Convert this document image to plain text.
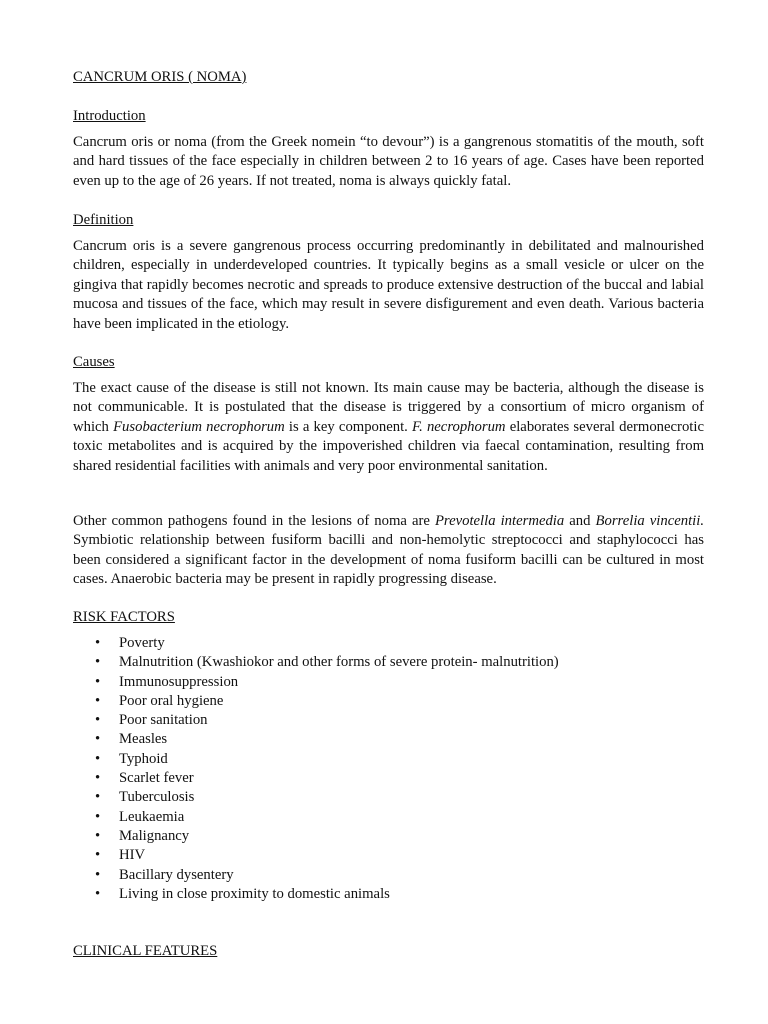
CANCRUM ORIS ( NOMA)
Introduction

Cancrum oris or noma (from the Greek nomein “to devour”) is a gangrenous stomatitis of the mouth, soft and hard tissues of the face especially in children between 2 to 16 years of age. Cases have been reported even up to the age of 26 years. If not treated, noma is always quickly fatal.

Definition

Cancrum oris is a severe gangrenous process occurring predominantly in debilitated and malnourished children, especially in underdeveloped countries. It typically begins as a small vesicle or ulcer on the gingiva that rapidly becomes necrotic and spreads to produce extensive destruction of the buccal and labial mucosa and tissues of the face, which may result in severe disfigurement and even death. Various bacteria have been implicated in the etiology.

Causes

The exact cause of the disease is still not known. Its main cause may be bacteria, although the disease is not communicable. It is postulated that the disease is triggered by a consortium of micro organism of which Fusobacterium necrophorum is a key component. F. necrophorum elaborates several dermonecrotic toxic metabolites and is acquired by the impoverished children via faecal contamination, resulting from shared residential facilities with animals and very poor environmental sanitation.

Other common pathogens found in the lesions of noma are Prevotella intermedia and Borrelia vincentii. Symbiotic relationship between fusiform bacilli and non-hemolytic streptococci and staphylococci has been considered a significant factor in the development of noma fusiform bacilli can be cultured in most cases. Anaerobic bacteria may be present in rapidly progressing disease.

RISK FACTORS
• Poverty
• Malnutrition (Kwashiokor and other forms of severe protein- malnutrition)
• Immunosuppression
• Poor oral hygiene
• Poor sanitation
• Measles
• Typhoid
• Scarlet fever
• Tuberculosis
• Leukaemia
• Malignancy
• HIV
• Bacillary dysentery
• Living in close proximity to domestic animals
CLINICAL FEATURES
